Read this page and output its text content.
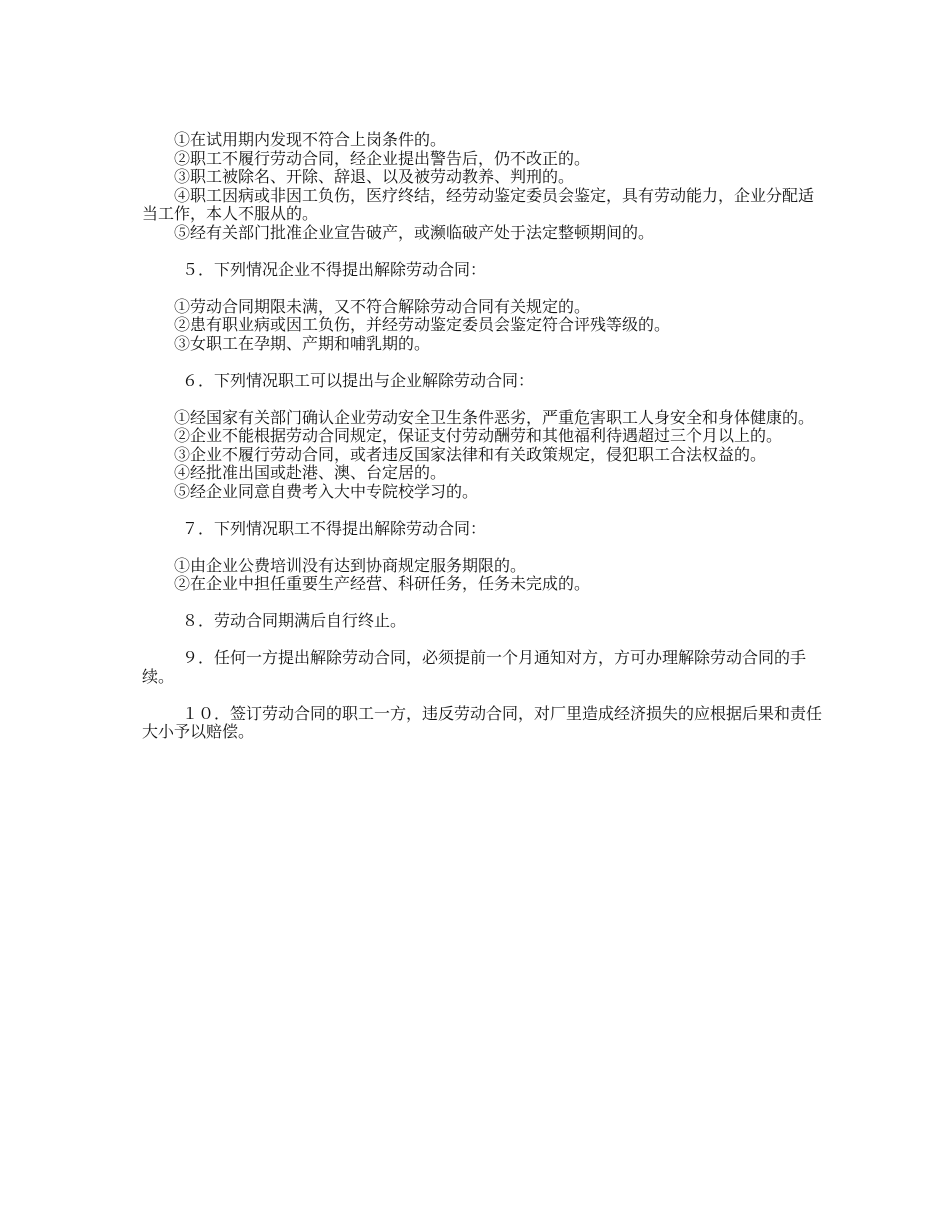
①在试用期内发现不符合上岗条件的。

②职工不履行劳动合同，经企业提出警告后，仍不改正的。

③职工被除名、开除、辞退、以及被劳动教养、判刑的。

④职工因病或非因工负伤，医疗终结，经劳动鉴定委员会鉴定，具有劳动能力，企业分配适当工作，本人不服从的。

⑤经有关部门批准企业宣告破产，或濒临破产处于法定整顿期间的。

５．下列情况企业不得提出解除劳动合同：

①劳动合同期限未满，又不符合解除劳动合同有关规定的。

②患有职业病或因工负伤，并经劳动鉴定委员会鉴定符合评残等级的。

③女职工在孕期、产期和哺乳期的。

６．下列情况职工可以提出与企业解除劳动合同：

①经国家有关部门确认企业劳动安全卫生条件恶劣，严重危害职工人身安全和身体健康的。

②企业不能根据劳动合同规定，保证支付劳动酬劳和其他福利待遇超过三个月以上的。

③企业不履行劳动合同，或者违反国家法律和有关政策规定，侵犯职工合法权益的。

④经批准出国或赴港、澳、台定居的。

⑤经企业同意自费考入大中专院校学习的。

７．下列情况职工不得提出解除劳动合同：

①由企业公费培训没有达到协商规定服务期限的。

②在企业中担任重要生产经营、科研任务，任务未完成的。

８．劳动合同期满后自行终止。

９．任何一方提出解除劳动合同，必须提前一个月通知对方，方可办理解除劳动合同的手续。

１０．签订劳动合同的职工一方，违反劳动合同，对厂里造成经济损失的应根据后果和责任大小予以赔偿。
